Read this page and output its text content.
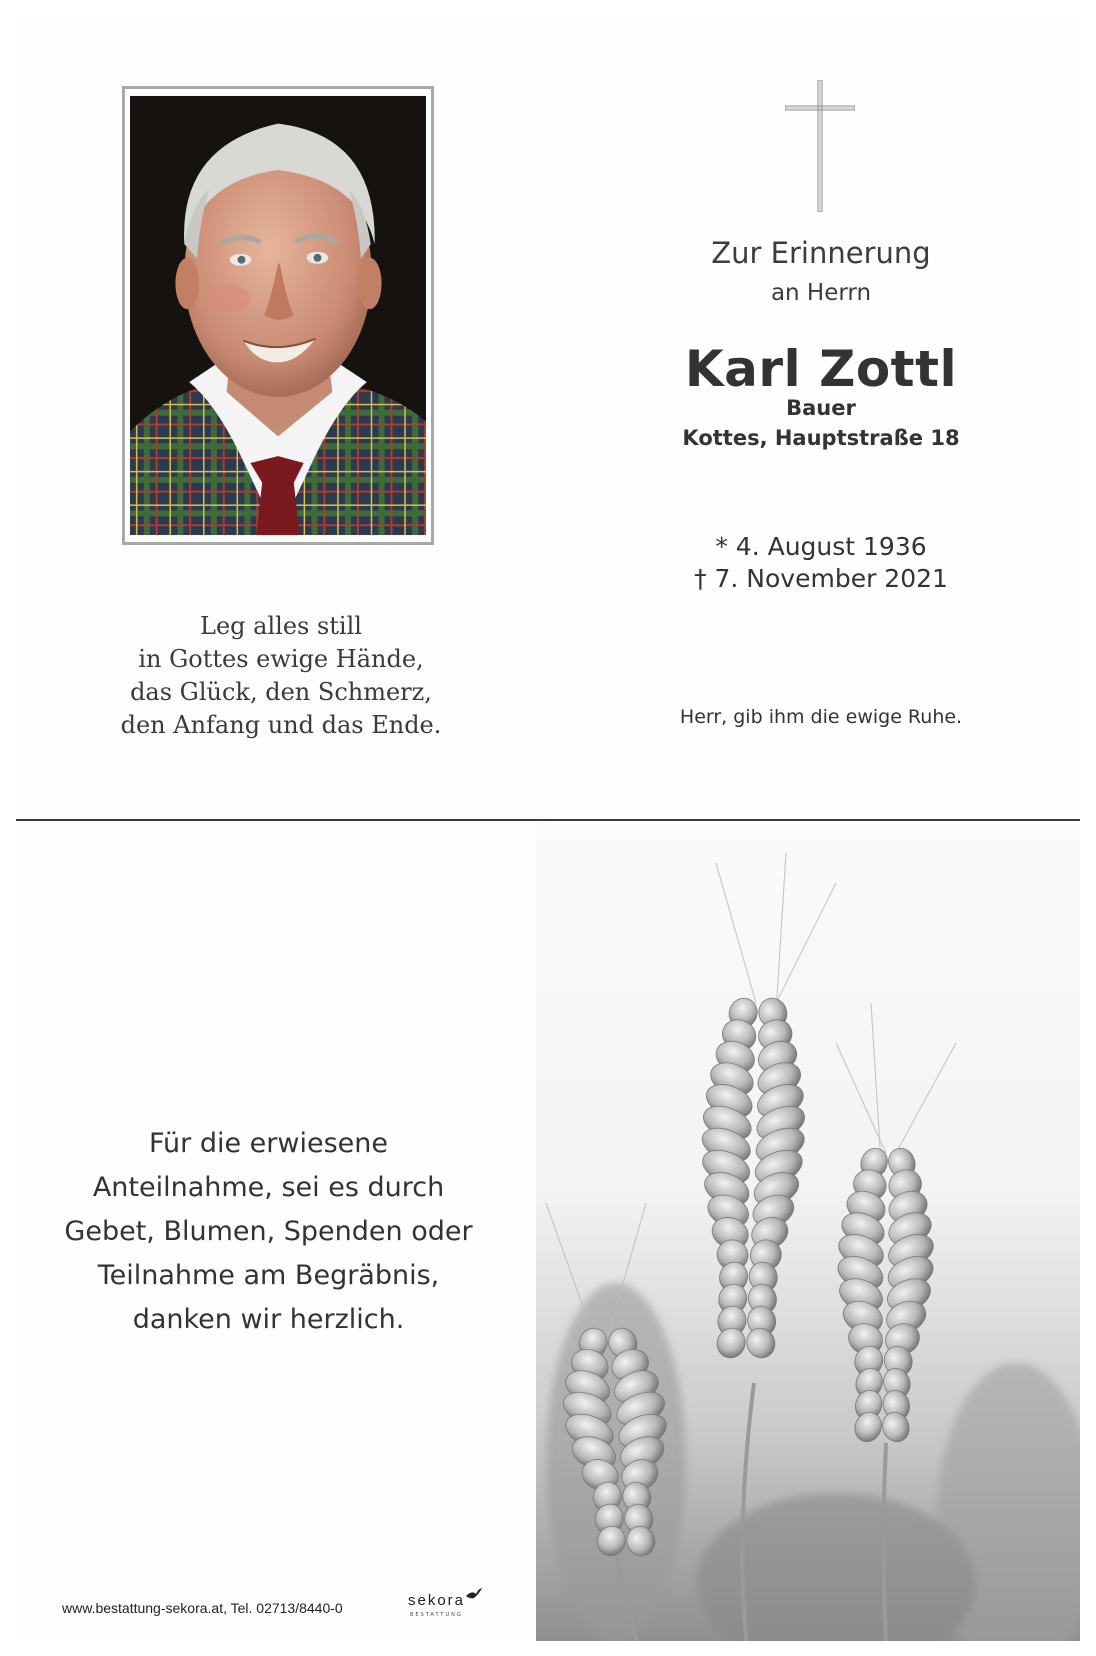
Leg alles still
in Gottes ewige Hände,
das Glück, den Schmerz,
den Anfang und das Ende.
Zur Erinnerung
an Herrn
Karl Zottl
Bauer
Kottes, Hauptstraße 18
* 4. August 1936
† 7. November 2021
Herr, gib ihm die ewige Ruhe.
Für die erwiesene
Anteilnahme, sei es durch
Gebet, Blumen, Spenden oder
Teilnahme am Begräbnis,
danken wir herzlich.
www.bestattung-sekora.at, Tel. 02713/8440-0	sekora
BESTATTUNG
